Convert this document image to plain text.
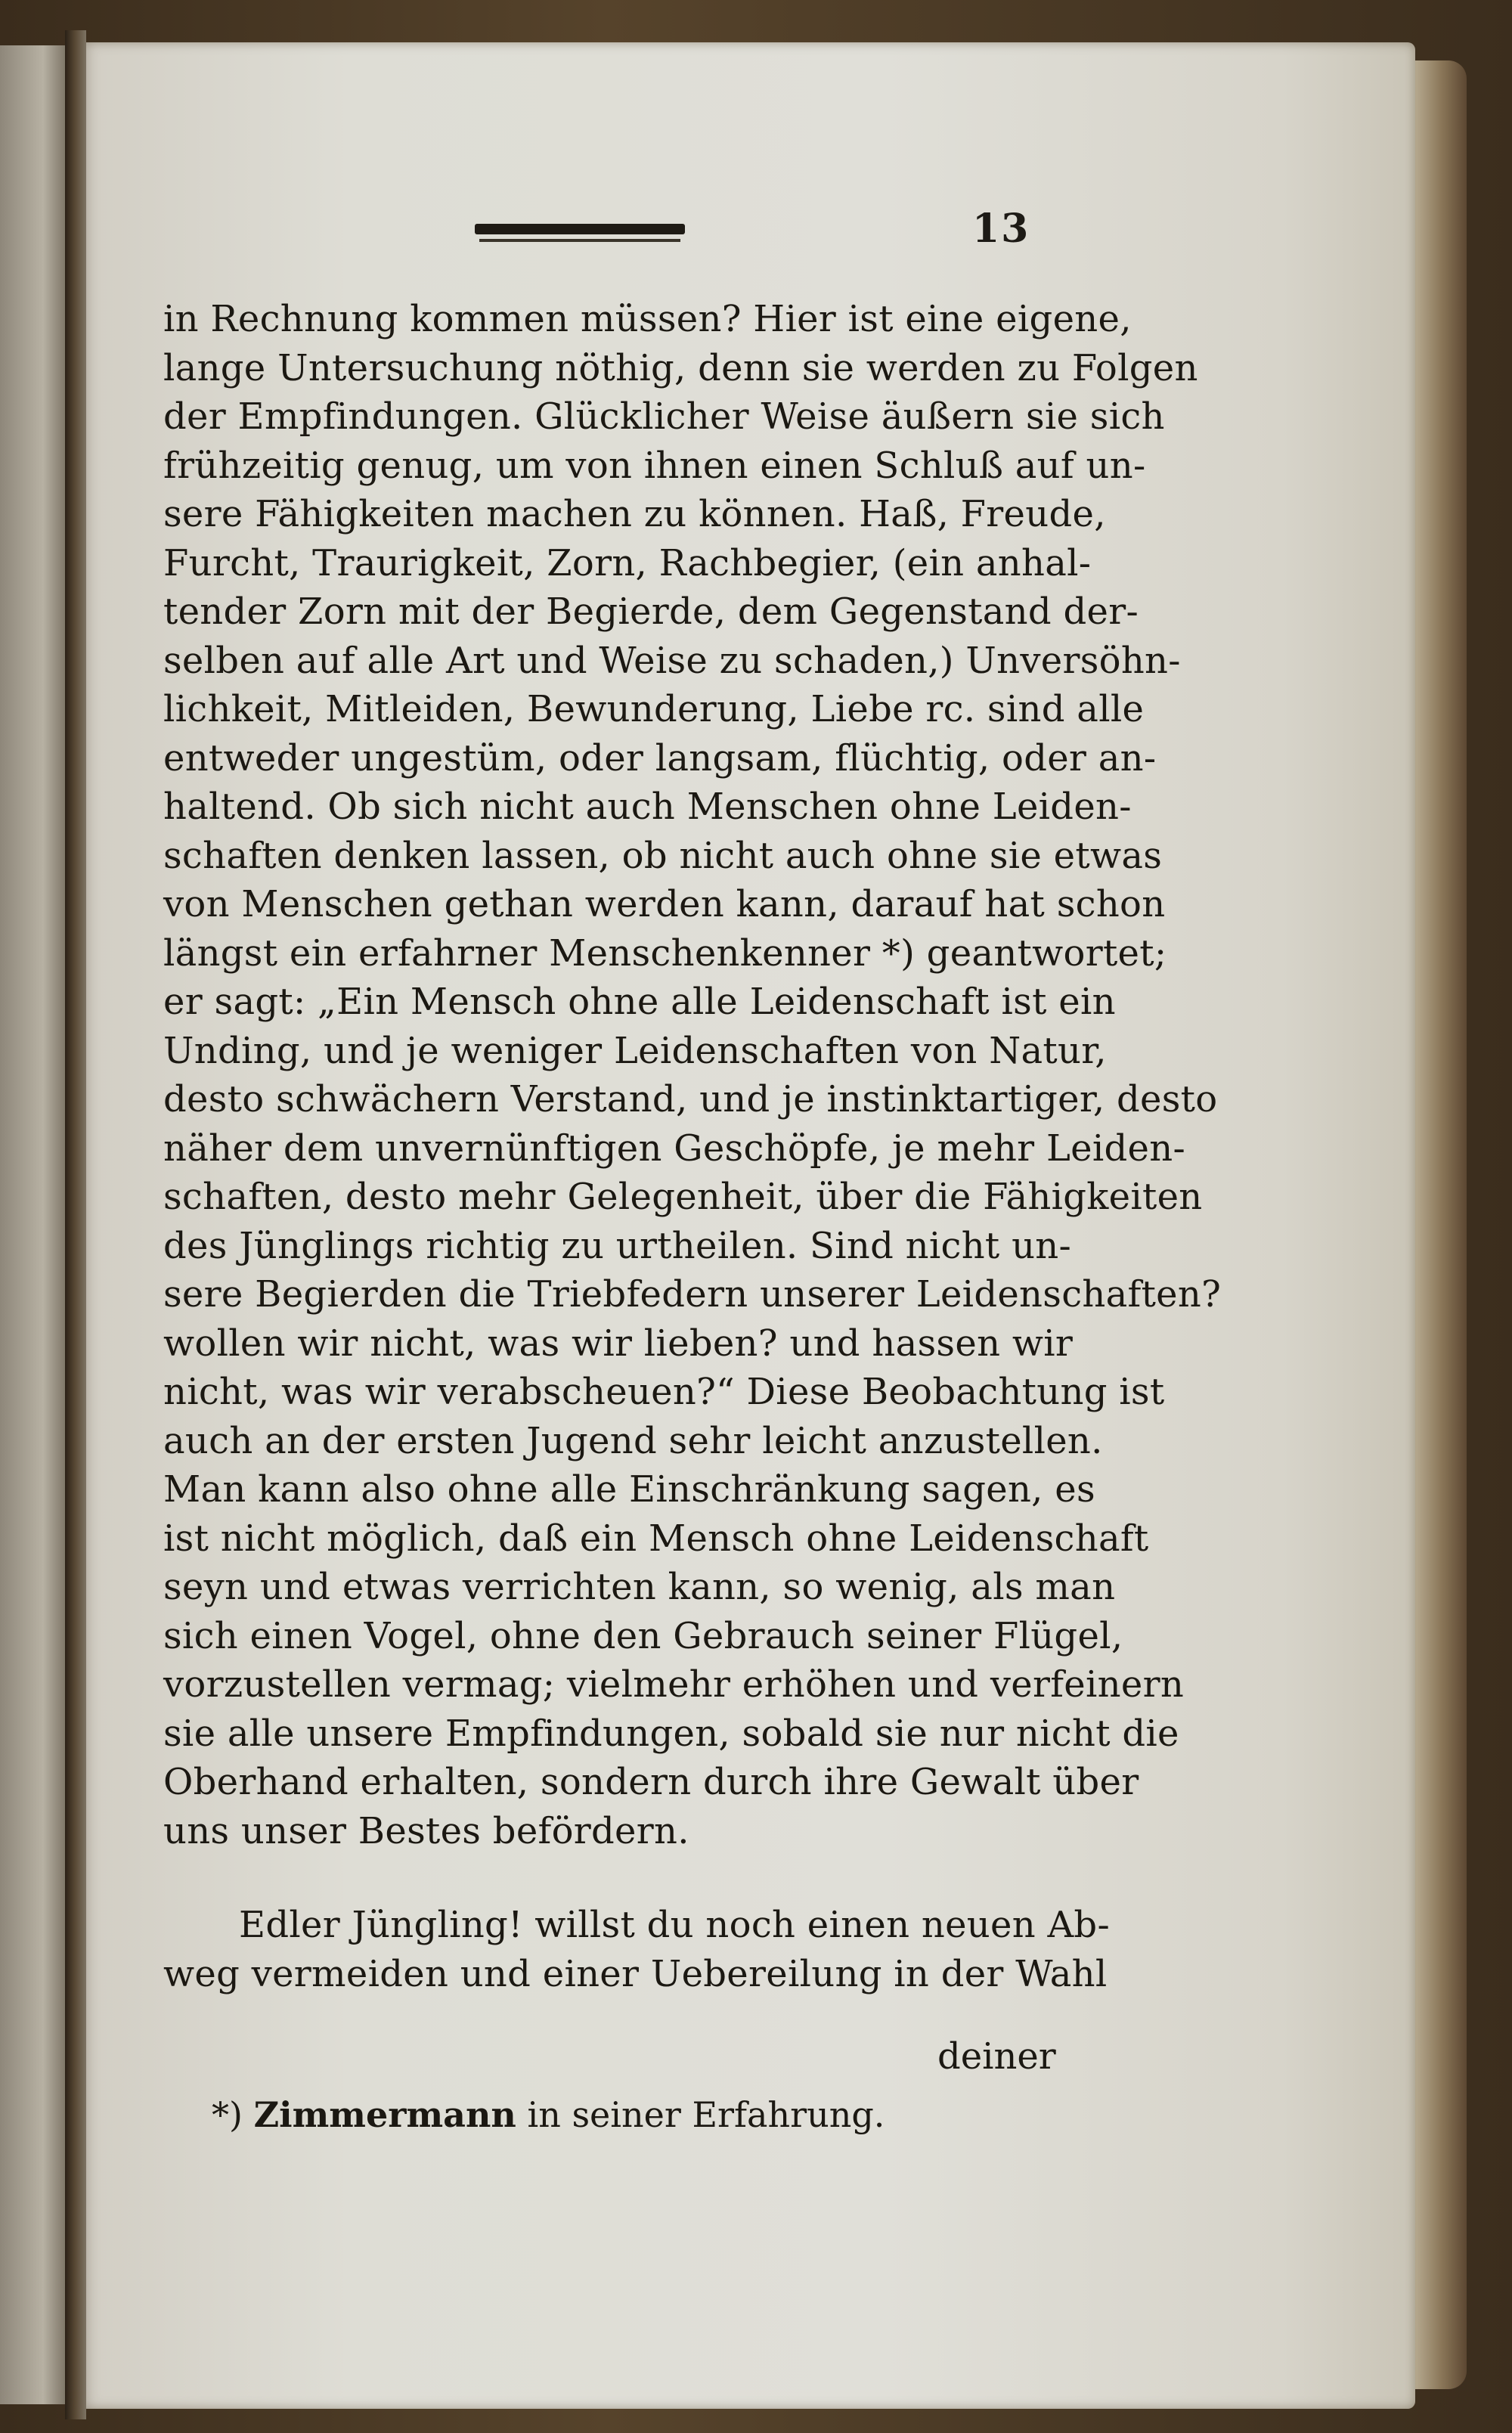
13
in Rechnung kommen müssen? Hier ist eine eigene,
lange Untersuchung nöthig, denn sie werden zu Folgen
der Empfindungen. Glücklicher Weise äußern sie sich
frühzeitig genug, um von ihnen einen Schluß auf un-
sere Fähigkeiten machen zu können. Haß, Freude,
Furcht, Traurigkeit, Zorn, Rachbegier, (ein anhal-
tender Zorn mit der Begierde, dem Gegenstand der-
selben auf alle Art und Weise zu schaden,) Unversöhn-
lichkeit, Mitleiden, Bewunderung, Liebe rc. sind alle
entweder ungestüm, oder langsam, flüchtig, oder an-
haltend. Ob sich nicht auch Menschen ohne Leiden-
schaften denken lassen, ob nicht auch ohne sie etwas
von Menschen gethan werden kann, darauf hat schon
längst ein erfahrner Menschenkenner *) geantwortet;
er sagt: „Ein Mensch ohne alle Leidenschaft ist ein
Unding, und je weniger Leidenschaften von Natur,
desto schwächern Verstand, und je instinktartiger, desto
näher dem unvernünftigen Geschöpfe, je mehr Leiden-
schaften, desto mehr Gelegenheit, über die Fähigkeiten
des Jünglings richtig zu urtheilen. Sind nicht un-
sere Begierden die Triebfedern unserer Leidenschaften?
wollen wir nicht, was wir lieben? und hassen wir
nicht, was wir verabscheuen?“ Diese Beobachtung ist
auch an der ersten Jugend sehr leicht anzustellen.
Man kann also ohne alle Einschränkung sagen, es
ist nicht möglich, daß ein Mensch ohne Leidenschaft
seyn und etwas verrichten kann, so wenig, als man
sich einen Vogel, ohne den Gebrauch seiner Flügel,
vorzustellen vermag; vielmehr erhöhen und verfeinern
sie alle unsere Empfindungen, sobald sie nur nicht die
Oberhand erhalten, sondern durch ihre Gewalt über
uns unser Bestes befördern.
Edler Jüngling! willst du noch einen neuen Ab-
weg vermeiden und einer Uebereilung in der Wahl
deiner
*) Zimmermann in seiner Erfahrung.
